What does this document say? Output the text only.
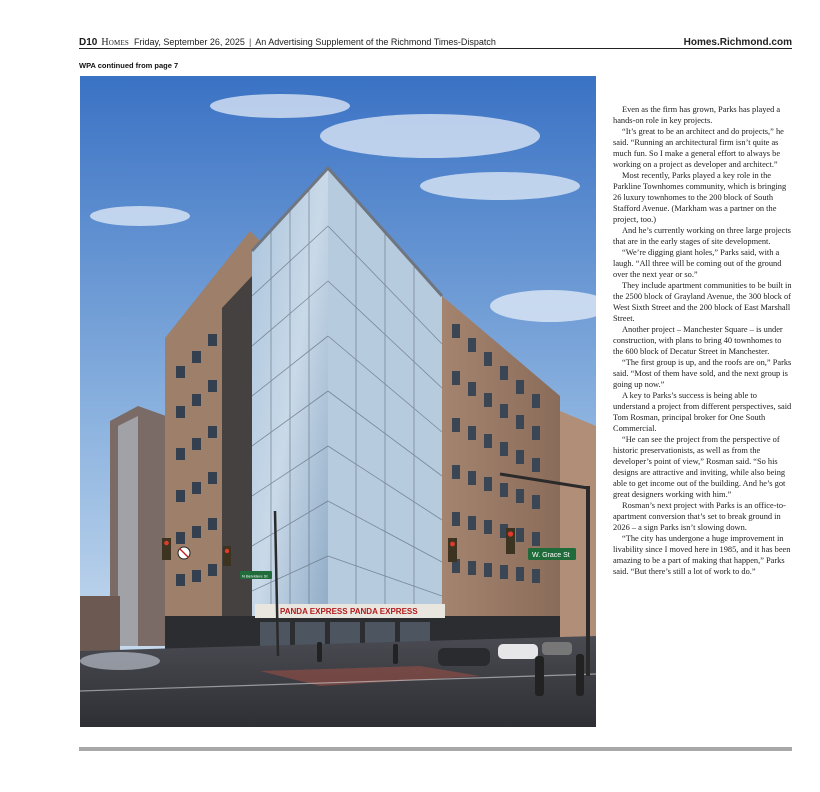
D10 Homes Friday, September 26, 2025 | An Advertising Supplement of the Richmond Times-Dispatch	Homes.Richmond.com
WPA continued from page 7
PANDA EXPRESS PANDA EXPRESS
W. Grace St
N Belvidere St

Even as the firm has grown, Parks has played a hands-on role in key projects.

“It’s great to be an architect and do projects,” he said. “Running an architectural firm isn’t quite as much fun. So I make a general effort to always be working on a project as developer and architect.”

Most recently, Parks played a key role in the Parkline Townhomes community, which is bringing 26 luxury townhomes to the 200 block of South Stafford Avenue. (Markham was a partner on the project, too.)

And he’s currently working on three large projects that are in the early stages of site development.

“We’re digging giant holes,” Parks said, with a laugh. “All three will be coming out of the ground over the next year or so.”

They include apartment communities to be built in the 2500 block of Grayland Avenue, the 300 block of West Sixth Street and the 200 block of East Marshall Street.

Another project – Manchester Square – is under construction, with plans to bring 40 townhomes to the 600 block of Decatur Street in Manchester.

“The first group is up, and the roofs are on,” Parks said. “Most of them have sold, and the next group is going up now.”

A key to Parks’s success is being able to understand a project from different perspectives, said Tom Rosman, principal broker for One South Commercial.

“He can see the project from the perspective of historic preservationists, as well as from the developer’s point of view,” Rosman said. “So his designs are attractive and inviting, while also being able to get income out of the building. And he’s got great designers working with him.”

Rosman’s next project with Parks is an office-to-apartment conversion that’s set to break ground in 2026 – a sign Parks isn’t slowing down.

“The city has undergone a huge improvement in livability since I moved here in 1985, and it has been amazing to be a part of making that happen,” Parks said. “But there’s still a lot of work to do.”
